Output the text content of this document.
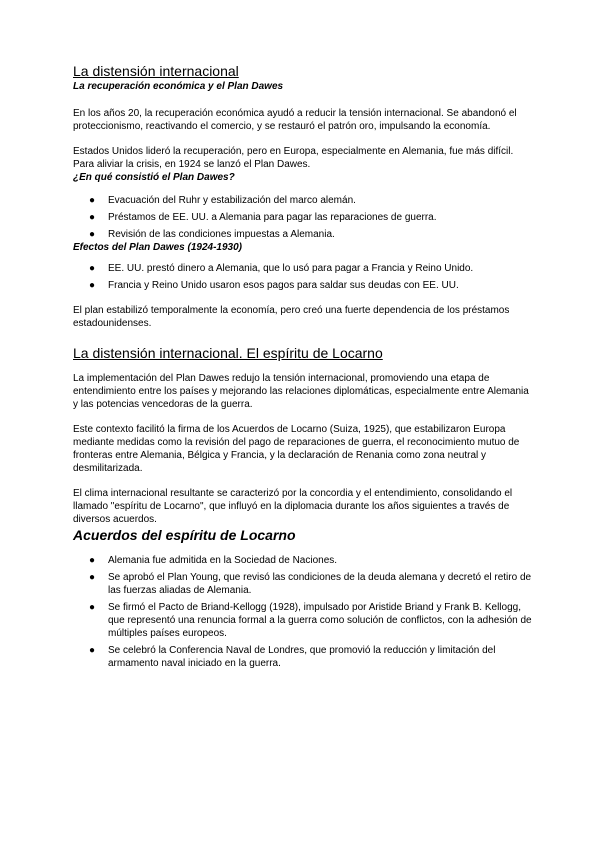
La distensión internacional
La recuperación económica y el Plan Dawes

En los años 20, la recuperación económica ayudó a reducir la tensión internacional. Se abandonó el proteccionismo, reactivando el comercio, y se restauró el patrón oro, impulsando la economía.

Estados Unidos lideró la recuperación, pero en Europa, especialmente en Alemania, fue más difícil. Para aliviar la crisis, en 1924 se lanzó el Plan Dawes.

¿En qué consistió el Plan Dawes?
●	Evacuación del Ruhr y estabilización del marco alemán.
●	Préstamos de EE. UU. a Alemania para pagar las reparaciones de guerra.
●	Revisión de las condiciones impuestas a Alemania.
Efectos del Plan Dawes (1924-1930)
●	EE. UU. prestó dinero a Alemania, que lo usó para pagar a Francia y Reino Unido.
●	Francia y Reino Unido usaron esos pagos para saldar sus deudas con EE. UU.

El plan estabilizó temporalmente la economía, pero creó una fuerte dependencia de los préstamos estadounidenses.

La distensión internacional. El espíritu de Locarno

La implementación del Plan Dawes redujo la tensión internacional, promoviendo una etapa de entendimiento entre los países y mejorando las relaciones diplomáticas, especialmente entre Alemania y las potencias vencedoras de la guerra.

Este contexto facilitó la firma de los Acuerdos de Locarno (Suiza, 1925), que estabilizaron Europa mediante medidas como la revisión del pago de reparaciones de guerra, el reconocimiento mutuo de fronteras entre Alemania, Bélgica y Francia, y la declaración de Renania como zona neutral y desmilitarizada.

El clima internacional resultante se caracterizó por la concordia y el entendimiento, consolidando el llamado "espíritu de Locarno", que influyó en la diplomacia durante los años siguientes a través de diversos acuerdos.

Acuerdos del espíritu de Locarno
●	Alemania fue admitida en la Sociedad de Naciones.
●	Se aprobó el Plan Young, que revisó las condiciones de la deuda alemana y decretó el retiro de las fuerzas aliadas de Alemania.
●	Se firmó el Pacto de Briand-Kellogg (1928), impulsado por Aristide Briand y Frank B. Kellogg, que representó una renuncia formal a la guerra como solución de conflictos, con la adhesión de múltiples países europeos.
●	Se celebró la Conferencia Naval de Londres, que promovió la reducción y limitación del armamento naval iniciado en la guerra.
